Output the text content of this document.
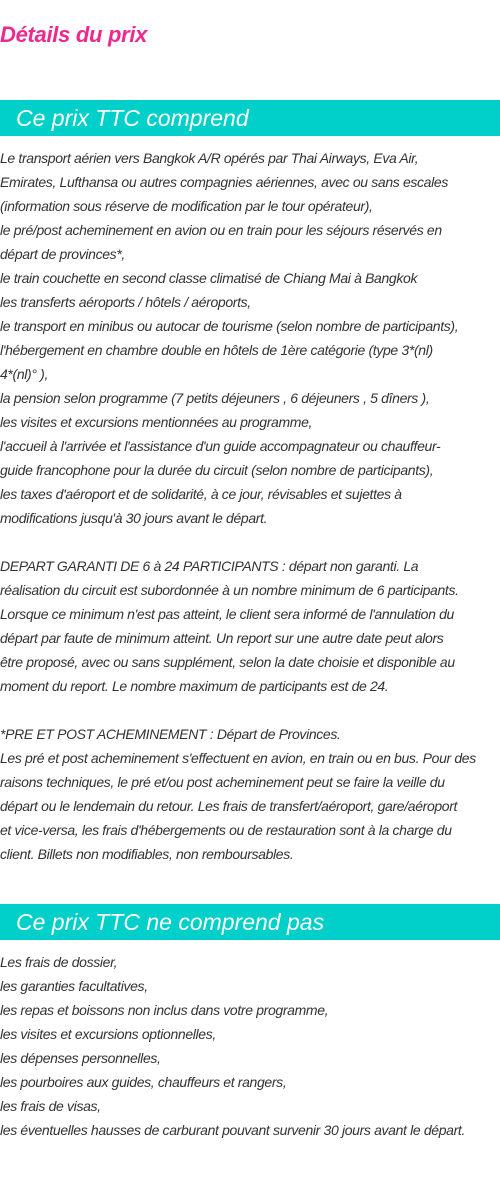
Détails du prix
Ce prix TTC comprend
Le transport aérien vers Bangkok A/R opérés par Thai Airways, Eva Air,
Emirates, Lufthansa ou autres compagnies aériennes, avec ou sans escales
(information sous réserve de modification par le tour opérateur),
le pré/post acheminement en avion ou en train pour les séjours réservés en
départ de provinces*,
le train couchette en second classe climatisé de Chiang Mai à Bangkok
les transferts aéroports / hôtels / aéroports,
le transport en minibus ou autocar de tourisme (selon nombre de participants),
l'hébergement en chambre double en hôtels de 1ère catégorie (type 3*(nl)
4*(nl)° ),
la pension selon programme (7 petits déjeuners , 6 déjeuners , 5 dîners ),
les visites et excursions mentionnées au programme,
l'accueil à l'arrivée et l'assistance d'un guide accompagnateur ou chauffeur-
guide francophone pour la durée du circuit (selon nombre de participants),
les taxes d'aéroport et de solidarité, à ce jour, révisables et sujettes à
modifications jusqu'à 30 jours avant le départ.
DEPART GARANTI DE 6 à 24 PARTICIPANTS : départ non garanti. La
réalisation du circuit est subordonnée à un nombre minimum de 6 participants.
Lorsque ce minimum n'est pas atteint, le client sera informé de l'annulation du
départ par faute de minimum atteint. Un report sur une autre date peut alors
être proposé, avec ou sans supplément, selon la date choisie et disponible au
moment du report. Le nombre maximum de participants est de 24.
*PRE ET POST ACHEMINEMENT : Départ de Provinces.
Les pré et post acheminement s'effectuent en avion, en train ou en bus. Pour des
raisons techniques, le pré et/ou post acheminement peut se faire la veille du
départ ou le lendemain du retour. Les frais de transfert/aéroport, gare/aéroport
et vice-versa, les frais d'hébergements ou de restauration sont à la charge du
client. Billets non modifiables, non remboursables.
Ce prix TTC ne comprend pas
Les frais de dossier,
les garanties facultatives,
les repas et boissons non inclus dans votre programme,
les visites et excursions optionnelles,
les dépenses personnelles,
les pourboires aux guides, chauffeurs et rangers,
les frais de visas,
les éventuelles hausses de carburant pouvant survenir 30 jours avant le départ.
